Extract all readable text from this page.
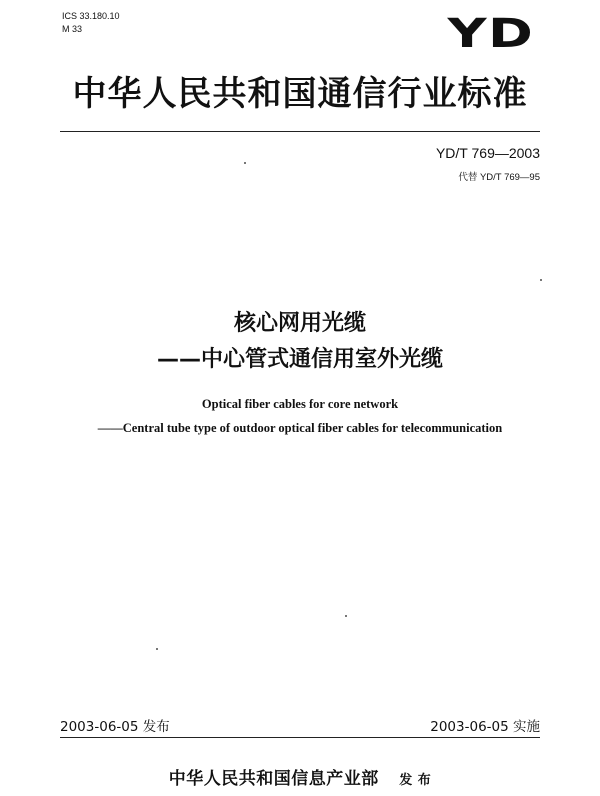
ICS 33.180.10
M 33	YD
中华人民共和国通信行业标准
YD/T 769—2003
代替 YD/T 769—95
核心网用光缆
——中心管式通信用室外光缆
Optical fiber cables for core network
——Central tube type of outdoor optical fiber cables for telecommunication
2003-06-05 发布	2003-06-05 实施
中华人民共和国信息产业部 发 布
